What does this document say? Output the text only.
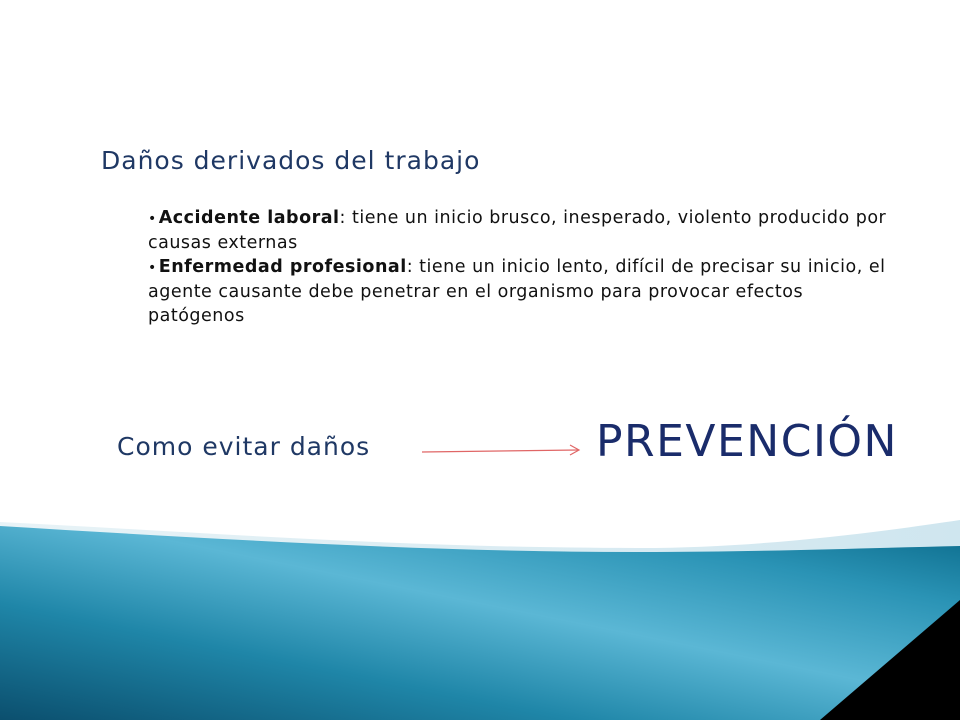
Daños derivados del trabajo

• Accidente laboral: tiene un inicio brusco, inesperado, violento producido por causas externas

• Enfermedad profesional: tiene un inicio lento, difícil de precisar su inicio, el agente causante debe penetrar en el organismo para provocar efectos patógenos

Como evitar daños	PREVENCIÓN
